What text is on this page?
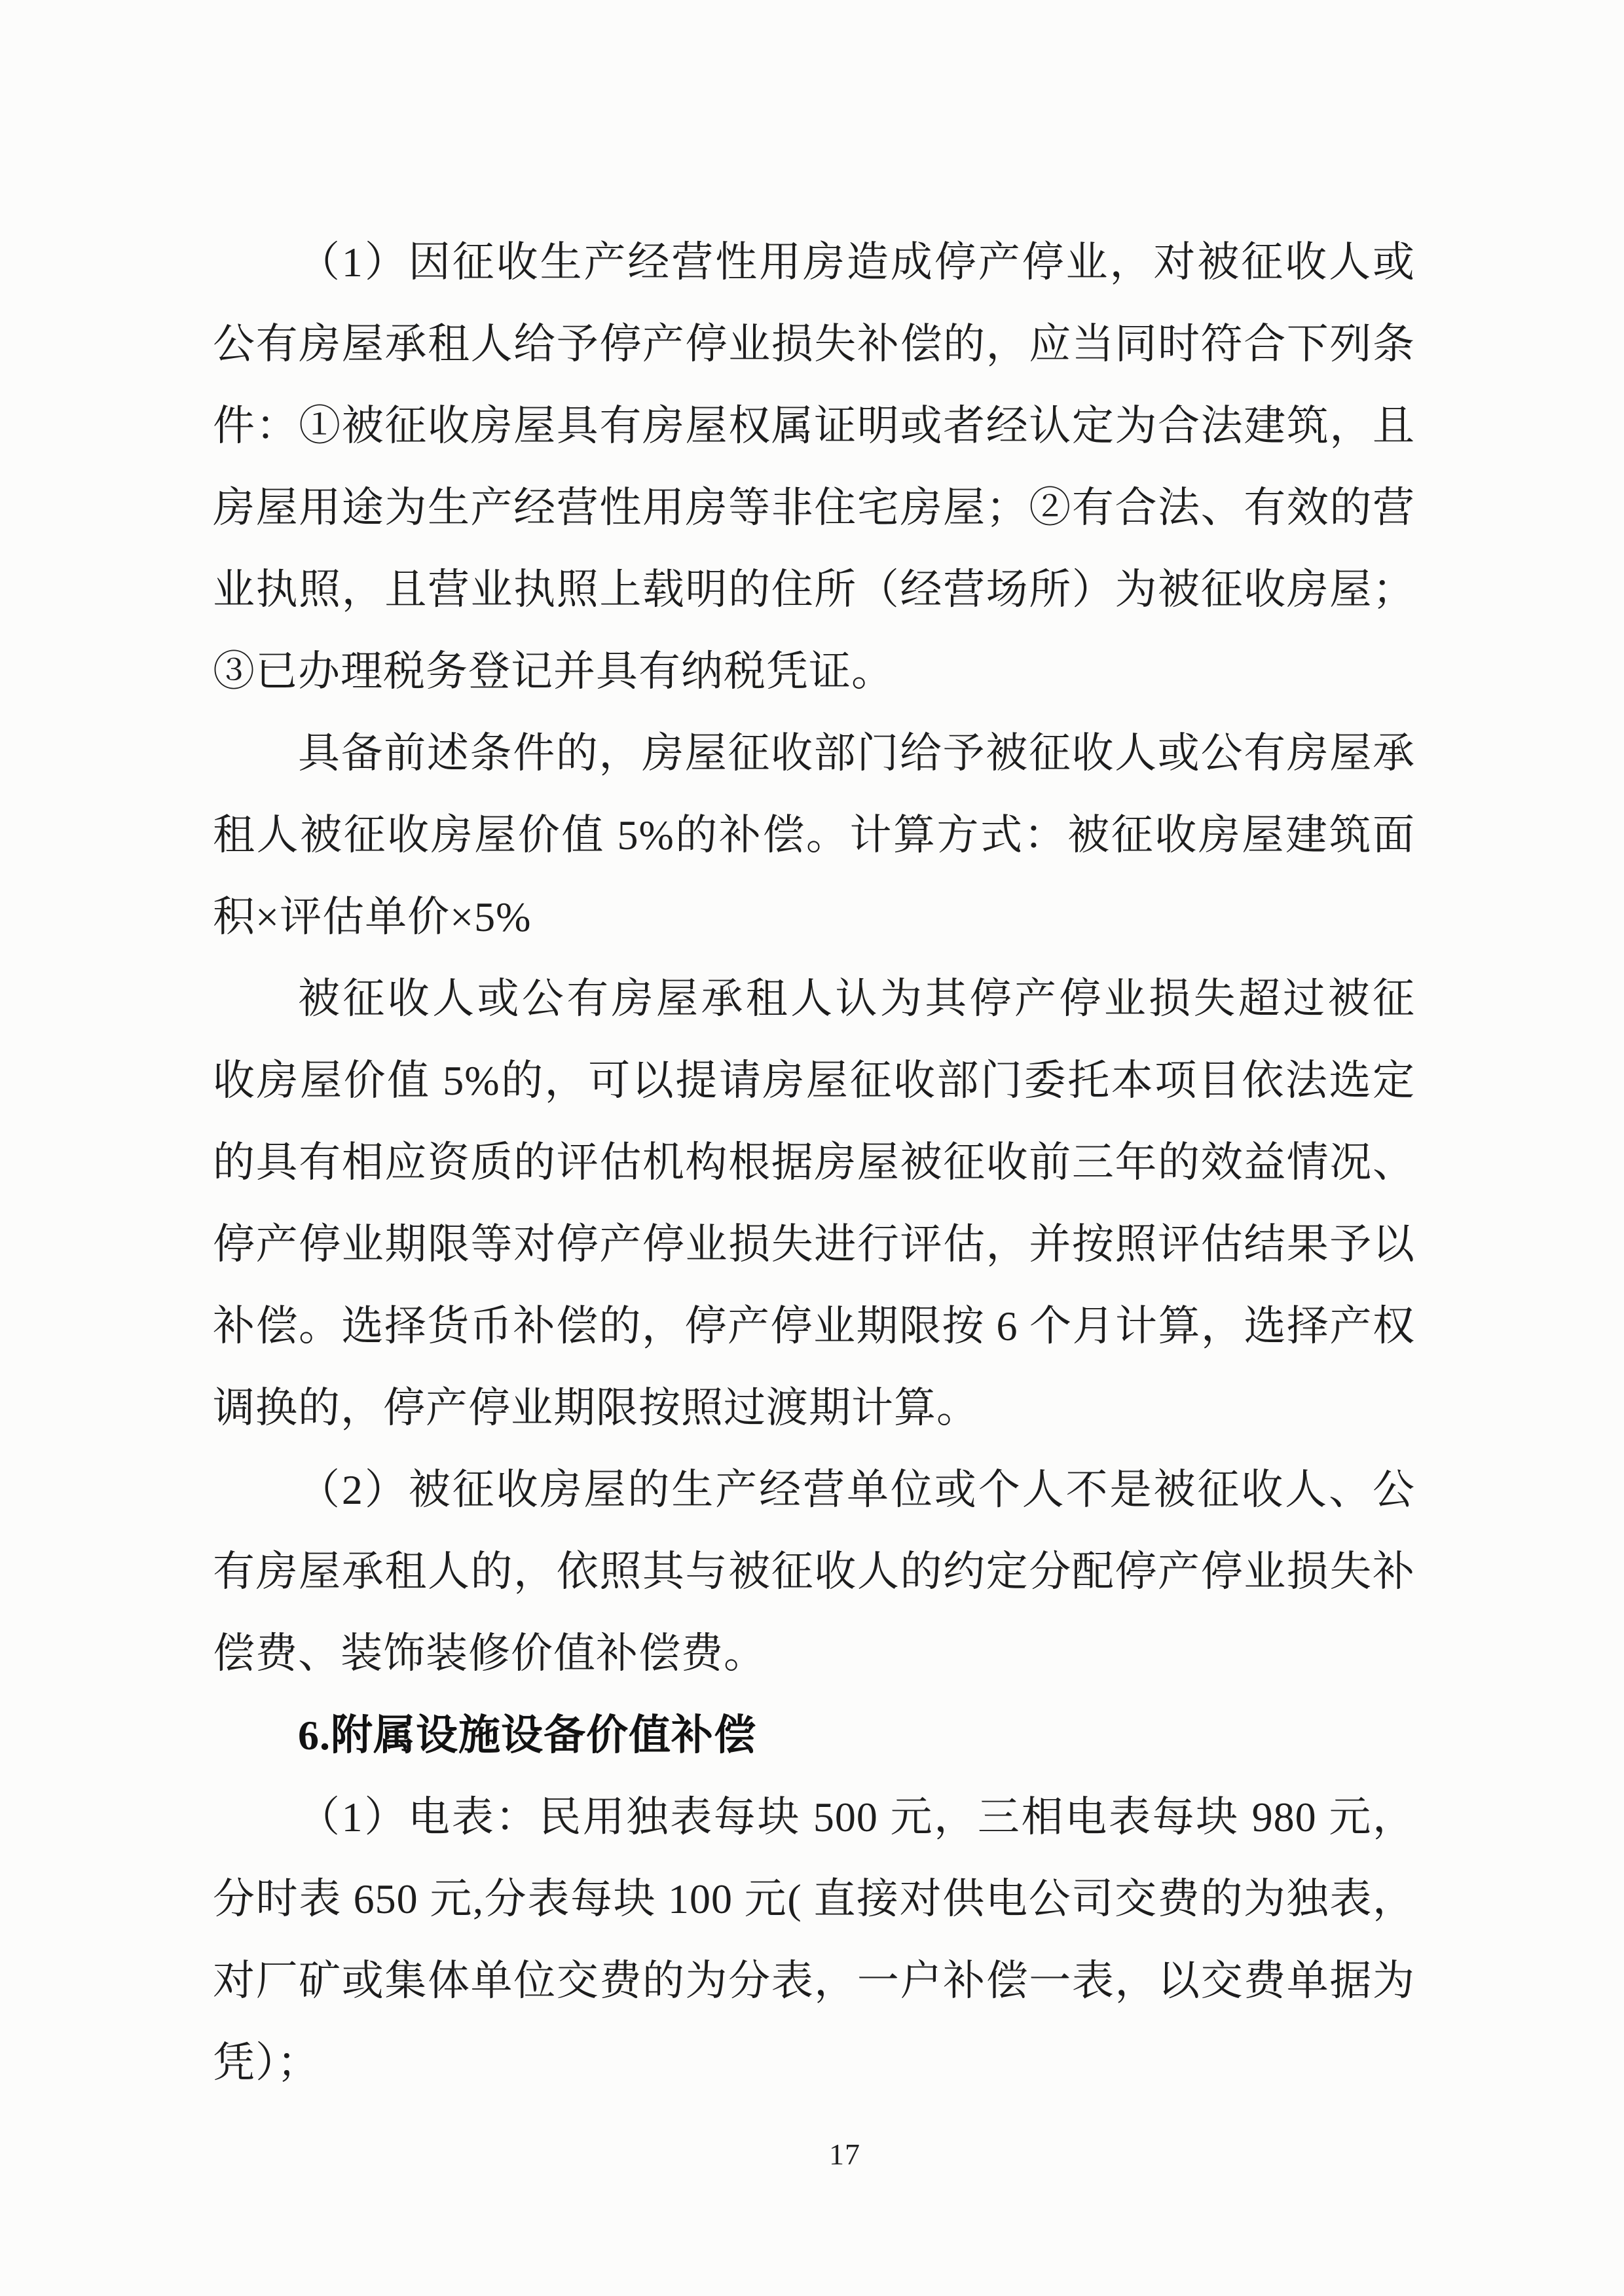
（1）因征收生产经营性用房造成停产停业，对被征收人或

公有房屋承租人给予停产停业损失补偿的，应当同时符合下列条

件：①被征收房屋具有房屋权属证明或者经认定为合法建筑，且

房屋用途为生产经营性用房等非住宅房屋；②有合法、有效的营

业执照，且营业执照上载明的住所（经营场所）为被征收房屋；

③已办理税务登记并具有纳税凭证。

具备前述条件的，房屋征收部门给予被征收人或公有房屋承

租人被征收房屋价值 5%的补偿。计算方式：被征收房屋建筑面

积×评估单价×5%

被征收人或公有房屋承租人认为其停产停业损失超过被征

收房屋价值 5%的，可以提请房屋征收部门委托本项目依法选定

的具有相应资质的评估机构根据房屋被征收前三年的效益情况、

停产停业期限等对停产停业损失进行评估，并按照评估结果予以

补偿。选择货币补偿的，停产停业期限按 6 个月计算，选择产权

调换的，停产停业期限按照过渡期计算。

（2）被征收房屋的生产经营单位或个人不是被征收人、公

有房屋承租人的，依照其与被征收人的约定分配停产停业损失补

偿费、装饰装修价值补偿费。

6.附属设施设备价值补偿

（1）电表：民用独表每块 500 元，三相电表每块 980 元，

分时表 650 元,分表每块 100 元( 直接对供电公司交费的为独表，

对厂矿或集体单位交费的为分表，一户补偿一表，以交费单据为

凭）；

17
